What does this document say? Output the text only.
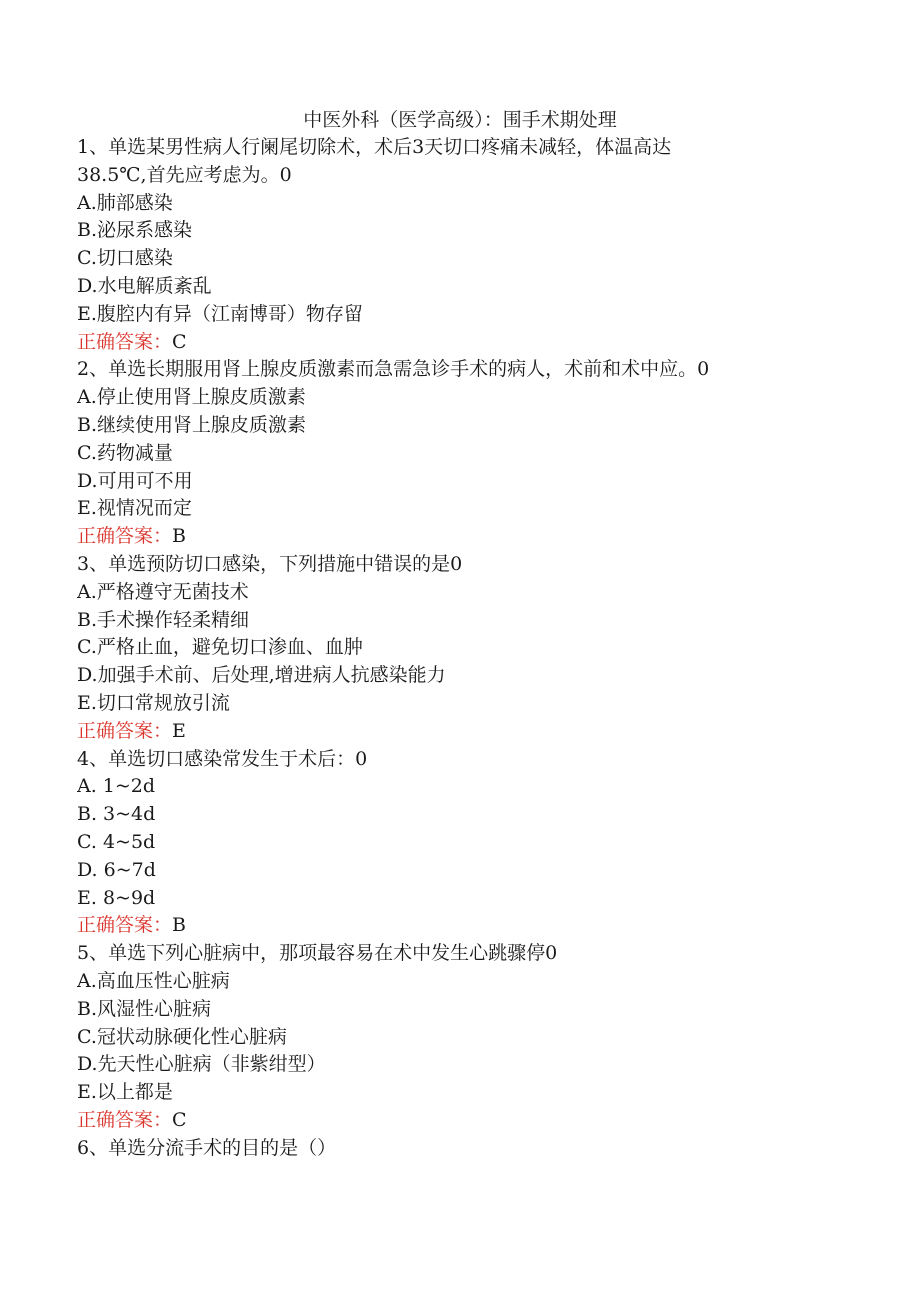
中医外科（医学高级）：围手术期处理
1、单选某男性病人行阑尾切除术，术后3天切口疼痛未减轻，体温高达
38.5℃,首先应考虑为。0
A.肺部感染
B.泌尿系感染
C.切口感染
D.水电解质紊乱
E.腹腔内有异（江南博哥）物存留
正确答案：C
2、单选长期服用肾上腺皮质激素而急需急诊手术的病人，术前和术中应。0
A.停止使用肾上腺皮质激素
B.继续使用肾上腺皮质激素
C.药物减量
D.可用可不用
E.视情况而定
正确答案：B
3、单选预防切口感染，下列措施中错误的是0
A.严格遵守无菌技术
B.手术操作轻柔精细
C.严格止血，避免切口渗血、血肿
D.加强手术前、后处理,增进病人抗感染能力
E.切口常规放引流
正确答案：E
4、单选切口感染常发生于术后：0
A. 1~2d
B. 3~4d
C. 4~5d
D. 6~7d
E. 8~9d
正确答案：B
5、单选下列心脏病中，那项最容易在术中发生心跳骤停0
A.高血压性心脏病
B.风湿性心脏病
C.冠状动脉硬化性心脏病
D.先天性心脏病（非紫绀型）
E.以上都是
正确答案：C
6、单选分流手术的目的是（）
